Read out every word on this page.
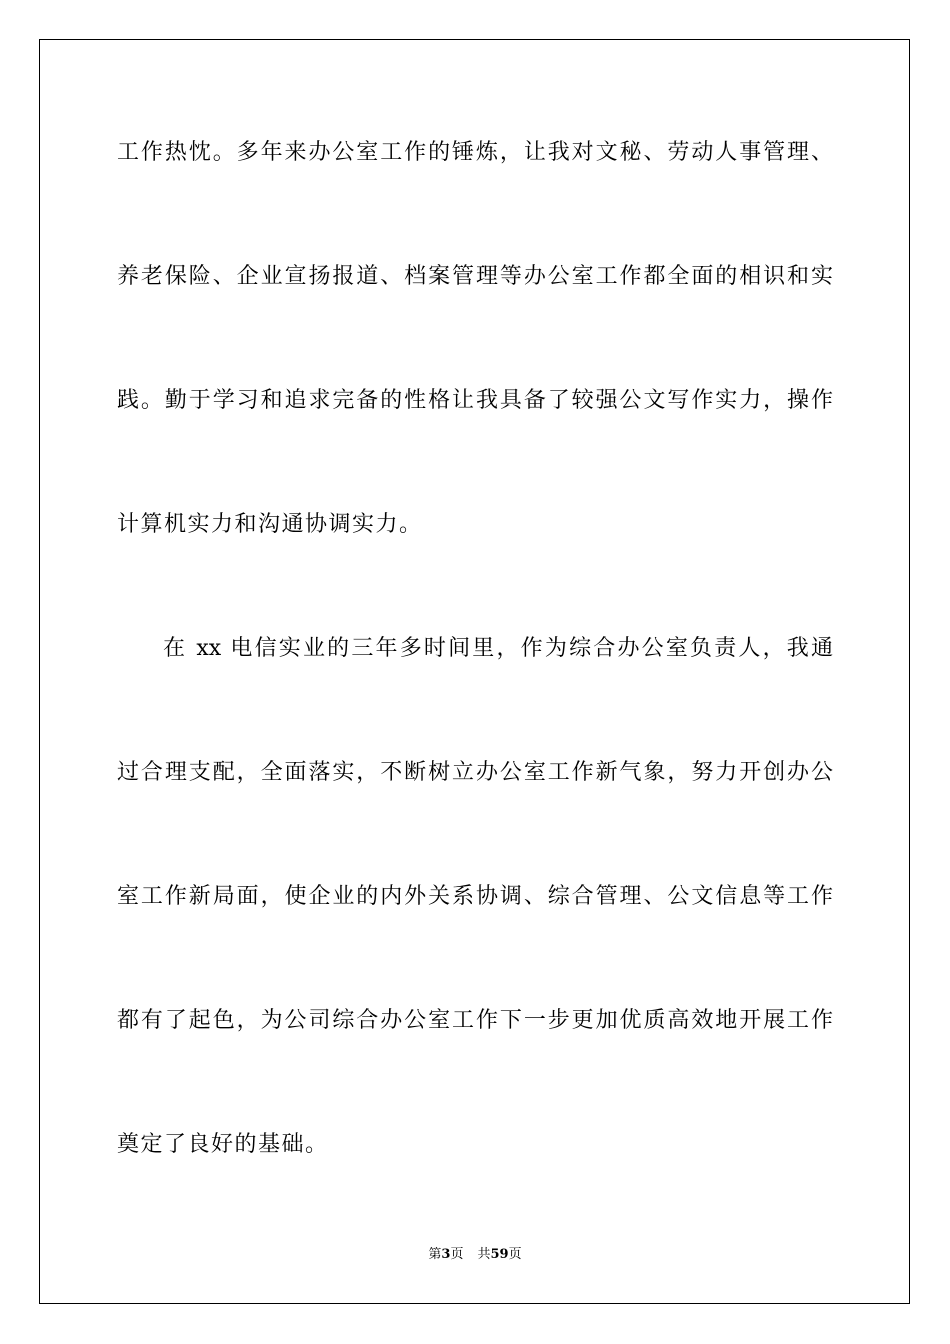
工作热忱。多年来办公室工作的锤炼，让我对文秘、劳动人事管理、
养老保险、企业宣扬报道、档案管理等办公室工作都全面的相识和实
践。勤于学习和追求完备的性格让我具备了较强公文写作实力，操作
计算机实力和沟通协调实力。
在 xx 电信实业的三年多时间里，作为综合办公室负责人，我通
过合理支配，全面落实，不断树立办公室工作新气象，努力开创办公
室工作新局面，使企业的内外关系协调、综合管理、公文信息等工作
都有了起色，为公司综合办公室工作下一步更加优质高效地开展工作
奠定了良好的基础。
第3页 共59页
